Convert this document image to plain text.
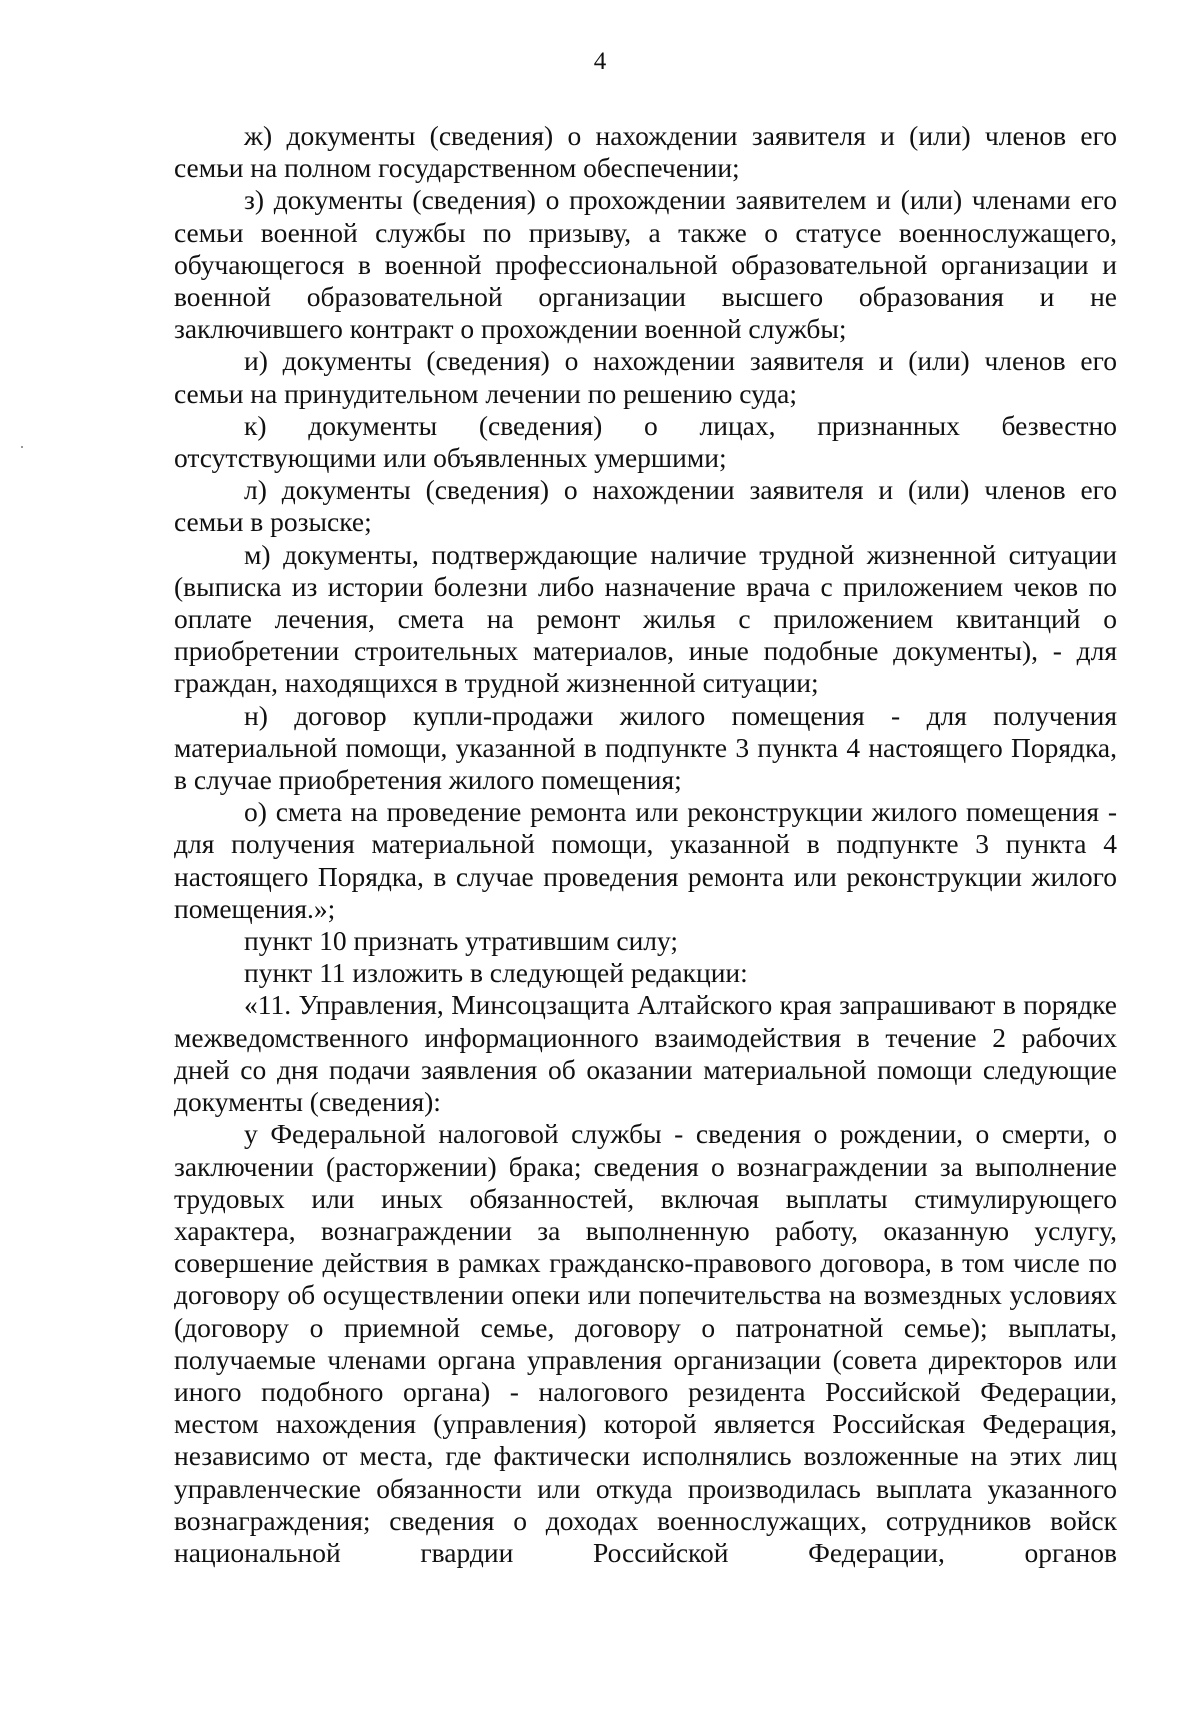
4

ж) документы (сведения) о нахождении заявителя и (или) членов его семьи на полном государственном обеспечении;

з) документы (сведения) о прохождении заявителем и (или) членами его семьи военной службы по призыву, а также о статусе военнослужащего, обучающегося в военной профессиональной образовательной организации и военной образовательной организации высшего образования и не заключившего контракт о прохождении военной службы;

и) документы (сведения) о нахождении заявителя и (или) членов его семьи на принудительном лечении по решению суда;

к) документы (сведения) о лицах, признанных безвестно отсутствующими или объявленных умершими;

л) документы (сведения) о нахождении заявителя и (или) членов его семьи в розыске;

м) документы, подтверждающие наличие трудной жизненной ситуации (выписка из истории болезни либо назначение врача с приложением чеков по оплате лечения, смета на ремонт жилья с приложением квитанций о приобретении строительных материалов, иные подобные документы), - для граждан, находящихся в трудной жизненной ситуации;

н) договор купли-продажи жилого помещения - для получения материальной помощи, указанной в подпункте 3 пункта 4 настоящего Порядка, в случае приобретения жилого помещения;

о) смета на проведение ремонта или реконструкции жилого помещения - для получения материальной помощи, указанной в подпункте 3 пункта 4 настоящего Порядка, в случае проведения ремонта или реконструкции жилого помещения.»;

пункт 10 признать утратившим силу;

пункт 11 изложить в следующей редакции:

«11. Управления, Минсоцзащита Алтайского края запрашивают в порядке межведомственного информационного взаимодействия в течение 2 рабочих дней со дня подачи заявления об оказании материальной помощи следующие документы (сведения):

у Федеральной налоговой службы - сведения о рождении, о смерти, о заключении (расторжении) брака; сведения о вознаграждении за выполнение трудовых или иных обязанностей, включая выплаты стимулирующего характера, вознаграждении за выполненную работу, оказанную услугу, совершение действия в рамках гражданско-правового договора, в том числе по договору об осуществлении опеки или попечительства на возмездных условиях (договору о приемной семье, договору о патронатной семье); выплаты, получаемые членами органа управления организации (совета директоров или иного подобного органа) - налогового резидента Российской Федерации, местом нахождения (управления) которой является Российская Федерация, независимо от места, где фактически исполнялись возложенные на этих лиц управленческие обязанности или откуда производилась выплата указанного вознаграждения; сведения о доходах военнослужащих, сотрудников войск национальной гвардии Российской Федерации, органов
